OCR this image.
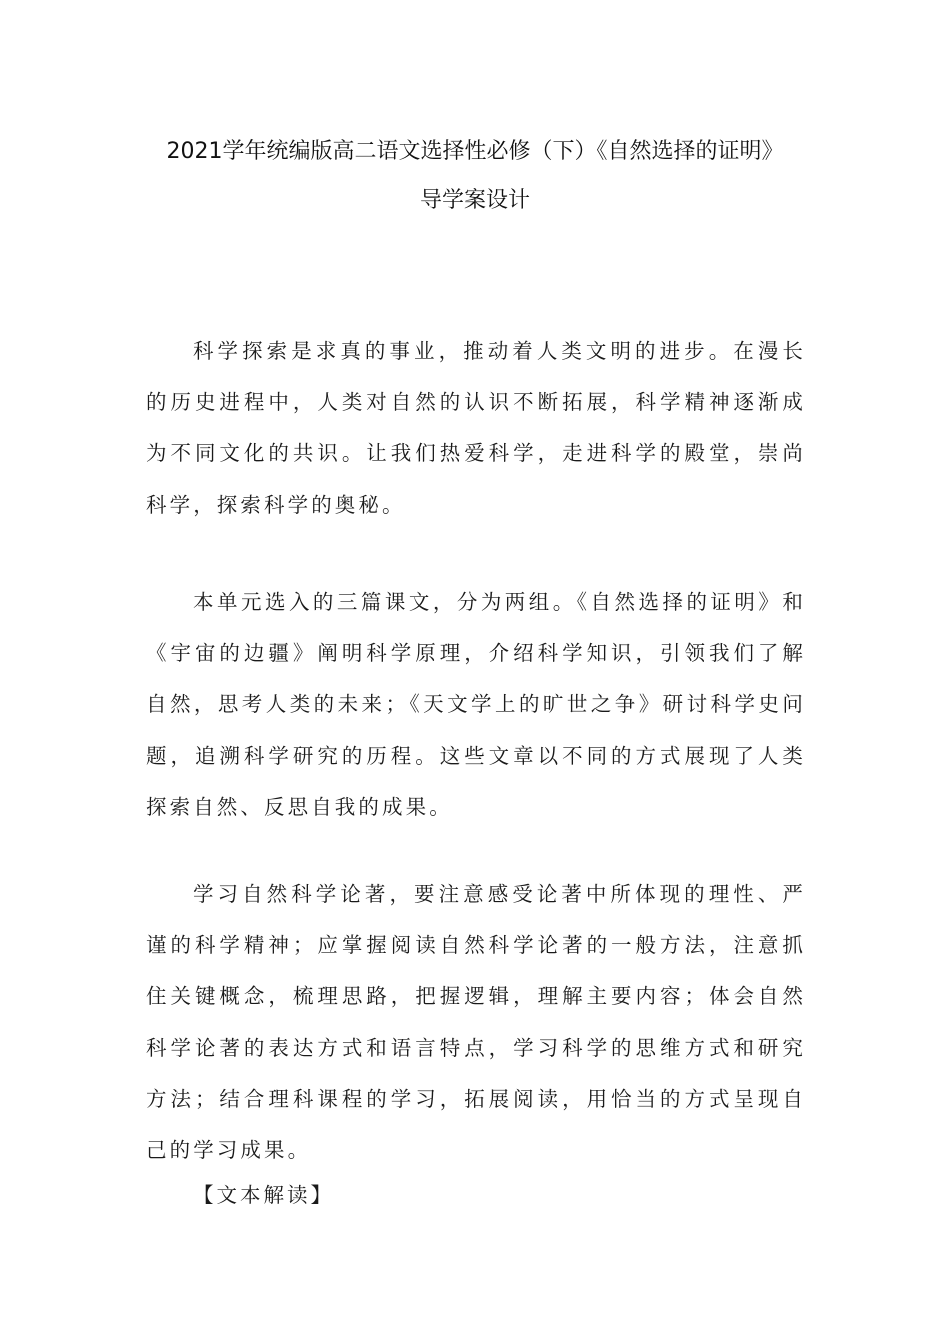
2021学年统编版高二语文选择性必修（下）《自然选择的证明》
导学案设计

科学探索是求真的事业，推动着人类文明的进步。在漫长的历史进程中，人类对自然的认识不断拓展，科学精神逐渐成为不同文化的共识。让我们热爱科学，走进科学的殿堂，崇尚科学，探索科学的奥秘。

本单元选入的三篇课文，分为两组。《自然选择的证明》和《宇宙的边疆》阐明科学原理，介绍科学知识，引领我们了解自然，思考人类的未来；《天文学上的旷世之争》研讨科学史问题，追溯科学研究的历程。这些文章以不同的方式展现了人类探索自然、反思自我的成果。

学习自然科学论著，要注意感受论著中所体现的理性、严谨的科学精神；应掌握阅读自然科学论著的一般方法，注意抓住关键概念，梳理思路，把握逻辑，理解主要内容；体会自然科学论著的表达方式和语言特点，学习科学的思维方式和研究方法；结合理科课程的学习，拓展阅读，用恰当的方式呈现自己的学习成果。

【文本解读】
